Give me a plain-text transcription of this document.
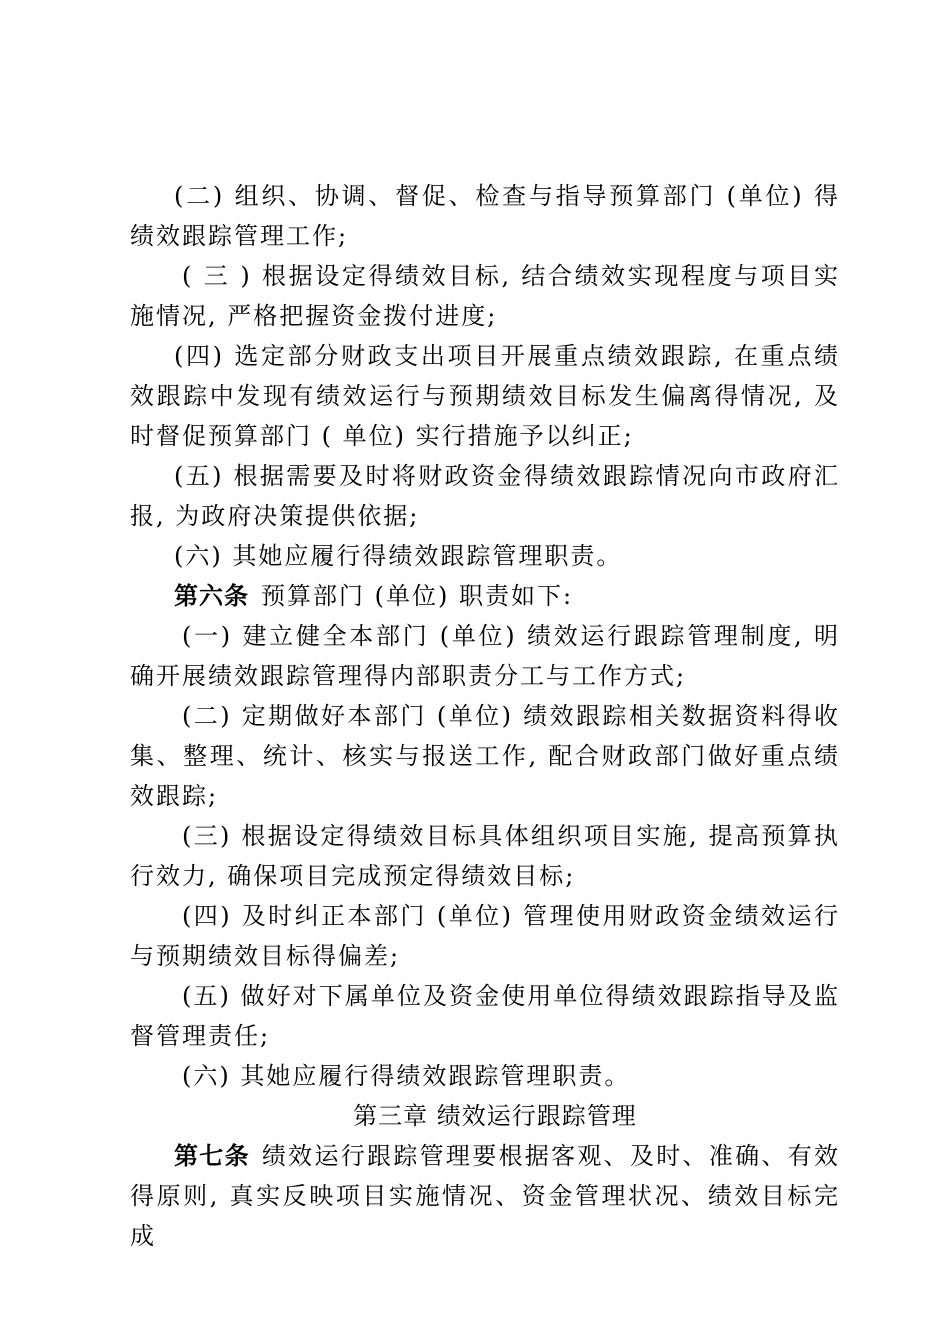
(二) 组织、协调、督促、检查与指导预算部门 (单位) 得绩效跟踪管理工作;

( 三 ) 根据设定得绩效目标, 结合绩效实现程度与项目实施情况, 严格把握资金拨付进度;

(四) 选定部分财政支出项目开展重点绩效跟踪, 在重点绩效跟踪中发现有绩效运行与预期绩效目标发生偏离得情况, 及时督促预算部门 ( 单位) 实行措施予以纠正;

(五) 根据需要及时将财政资金得绩效跟踪情况向市政府汇报, 为政府决策提供依据;

(六) 其她应履行得绩效跟踪管理职责。

第六条 预算部门 (单位) 职责如下:

(一) 建立健全本部门 (单位) 绩效运行跟踪管理制度, 明确开展绩效跟踪管理得内部职责分工与工作方式;

(二) 定期做好本部门 (单位) 绩效跟踪相关数据资料得收集、整理、统计、核实与报送工作, 配合财政部门做好重点绩效跟踪;

(三) 根据设定得绩效目标具体组织项目实施, 提高预算执行效力, 确保项目完成预定得绩效目标;

(四) 及时纠正本部门 (单位) 管理使用财政资金绩效运行与预期绩效目标得偏差;

(五) 做好对下属单位及资金使用单位得绩效跟踪指导及监督管理责任;

(六) 其她应履行得绩效跟踪管理职责。

第三章 绩效运行跟踪管理

第七条 绩效运行跟踪管理要根据客观、及时、准确、有效得原则, 真实反映项目实施情况、资金管理状况、绩效目标完成
